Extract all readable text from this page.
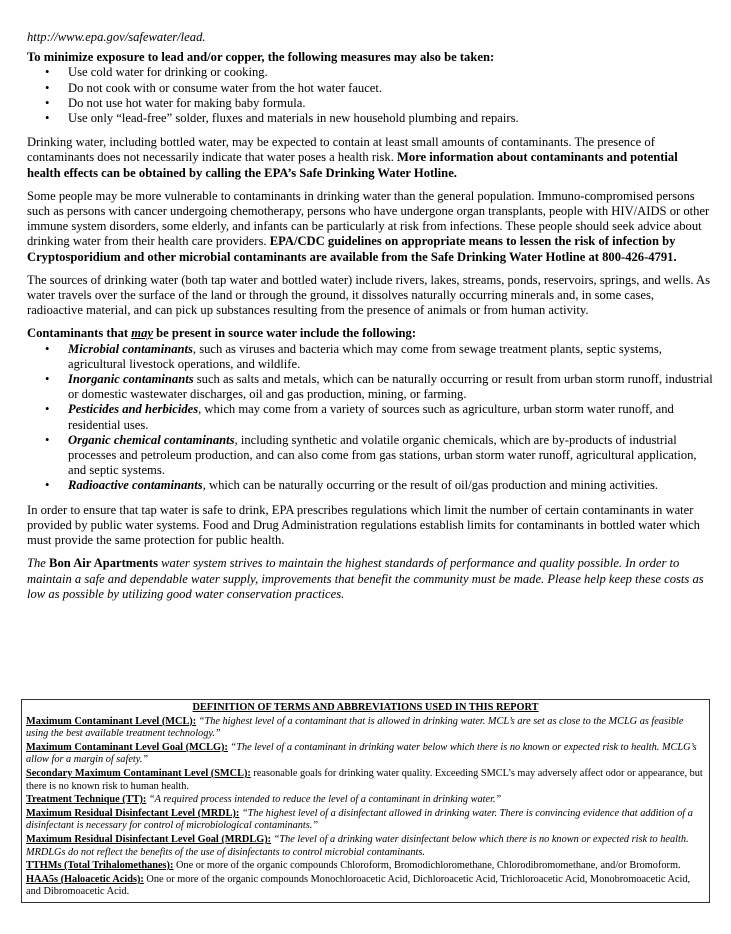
http://www.epa.gov/safewater/lead.

To minimize exposure to lead and/or copper, the following measures may also be taken:

• Use cold water for drinking or cooking.
• Do not cook with or consume water from the hot water faucet.
• Do not use hot water for making baby formula.
• Use only “lead-free” solder, fluxes and materials in new household plumbing and repairs.

Drinking water, including bottled water, may be expected to contain at least small amounts of contaminants. The presence of contaminants does not necessarily indicate that water poses a health risk. More information about contaminants and potential health effects can be obtained by calling the EPA’s Safe Drinking Water Hotline.

Some people may be more vulnerable to contaminants in drinking water than the general population. Immuno-compromised persons such as persons with cancer undergoing chemotherapy, persons who have undergone organ transplants, people with HIV/AIDS or other immune system disorders, some elderly, and infants can be particularly at risk from infections. These people should seek advice about drinking water from their health care providers. EPA/CDC guidelines on appropriate means to lessen the risk of infection by Cryptosporidium and other microbial contaminants are available from the Safe Drinking Water Hotline at 800-426-4791.

The sources of drinking water (both tap water and bottled water) include rivers, lakes, streams, ponds, reservoirs, springs, and wells. As water travels over the surface of the land or through the ground, it dissolves naturally occurring minerals and, in some cases, radioactive material, and can pick up substances resulting from the presence of animals or from human activity.

Contaminants that may be present in source water include the following:

• Microbial contaminants, such as viruses and bacteria which may come from sewage treatment plants, septic systems, agricultural livestock operations, and wildlife.
• Inorganic contaminants such as salts and metals, which can be naturally occurring or result from urban storm runoff, industrial or domestic wastewater discharges, oil and gas production, mining, or farming.
• Pesticides and herbicides, which may come from a variety of sources such as agriculture, urban storm water runoff, and residential uses.
• Organic chemical contaminants, including synthetic and volatile organic chemicals, which are by-products of industrial processes and petroleum production, and can also come from gas stations, urban storm water runoff, agricultural application, and septic systems.
• Radioactive contaminants, which can be naturally occurring or the result of oil/gas production and mining activities.

In order to ensure that tap water is safe to drink, EPA prescribes regulations which limit the number of certain contaminants in water provided by public water systems. Food and Drug Administration regulations establish limits for contaminants in bottled water which must provide the same protection for public health.

The Bon Air Apartments water system strives to maintain the highest standards of performance and quality possible. In order to maintain a safe and dependable water supply, improvements that benefit the community must be made. Please help keep these costs as low as possible by utilizing good water conservation practices.

DEFINITION OF TERMS AND ABBREVIATIONS USED IN THIS REPORT
Maximum Contaminant Level (MCL): “The highest level of a contaminant that is allowed in drinking water. MCL’s are set as close to the MCLG as feasible using the best available treatment technology.”
Maximum Contaminant Level Goal (MCLG): “The level of a contaminant in drinking water below which there is no known or expected risk to health. MCLG’s allow for a margin of safety.”
Secondary Maximum Contaminant Level (SMCL): reasonable goals for drinking water quality. Exceeding SMCL’s may adversely affect odor or appearance, but there is no known risk to human health.
Treatment Technique (TT): “A required process intended to reduce the level of a contaminant in drinking water.”
Maximum Residual Disinfectant Level (MRDL): “The highest level of a disinfectant allowed in drinking water. There is convincing evidence that addition of a disinfectant is necessary for control of microbiological contaminants.”
Maximum Residual Disinfectant Level Goal (MRDLG): “The level of a drinking water disinfectant below which there is no known or expected risk to health. MRDLGs do not reflect the benefits of the use of disinfectants to control microbial contaminants.
TTHMs (Total Trihalomethanes): One or more of the organic compounds Chloroform, Bromodichloromethane, Chlorodibromomethane, and/or Bromoform.
HAA5s (Haloacetic Acids): One or more of the organic compounds Monochloroacetic Acid, Dichloroacetic Acid, Trichloroacetic Acid, Monobromoacetic Acid, and Dibromoacetic Acid.
